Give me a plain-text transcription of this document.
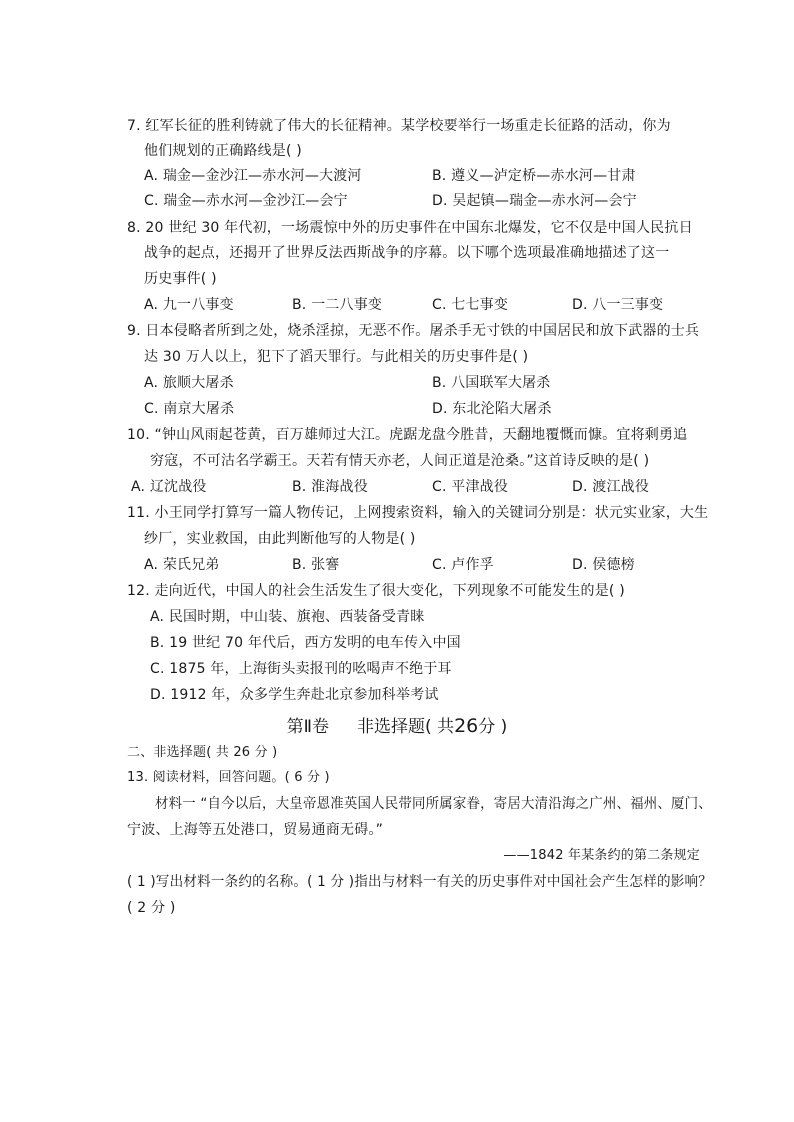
7. 红军长征的胜利铸就了伟大的长征精神。某学校要举行一场重走长征路的活动，你为
他们规划的正确路线是( )
A. 瑞金—金沙江—赤水河—大渡河	B. 遵义—泸定桥—赤水河—甘肃
C. 瑞金—赤水河—金沙江—会宁	D. 吴起镇—瑞金—赤水河—会宁
8. 20 世纪 30 年代初，一场震惊中外的历史事件在中国东北爆发，它不仅是中国人民抗日
战争的起点，还揭开了世界反法西斯战争的序幕。以下哪个选项最准确地描述了这一
历史事件( )
A. 九一八事变	B. 一二八事变	C. 七七事变	D. 八一三事变
9. 日本侵略者所到之处，烧杀淫掠，无恶不作。屠杀手无寸铁的中国居民和放下武器的士兵
达 30 万人以上，犯下了滔天罪行。与此相关的历史事件是( )
A. 旅顺大屠杀	B. 八国联军大屠杀
C. 南京大屠杀	D. 东北沦陷大屠杀
10. “钟山风雨起苍黄，百万雄师过大江。虎踞龙盘今胜昔，天翻地覆慨而慷。宜将剩勇追
穷寇，不可沽名学霸王。天若有情天亦老，人间正道是沧桑。”这首诗反映的是( )
A. 辽沈战役	B. 淮海战役	C. 平津战役	D. 渡江战役
11. 小王同学打算写一篇人物传记，上网搜索资料，输入的关键词分别是：状元实业家，大生
纱厂，实业救国，由此判断他写的人物是( )
A. 荣氏兄弟	B. 张謇	C. 卢作孚	D. 侯德榜
12. 走向近代，中国人的社会生活发生了很大变化，下列现象不可能发生的是( )
A. 民国时期，中山装、旗袍、西装备受青睐
B. 19 世纪 70 年代后，西方发明的电车传入中国
C. 1875 年，上海街头卖报刊的吆喝声不绝于耳
D. 1912 年，众多学生奔赴北京参加科举考试
第Ⅱ卷 非选择题( 共26分 )
二、非选择题( 共 26 分 )
13. 阅读材料，回答问题。( 6 分 )
材料一 “自今以后，大皇帝恩准英国人民带同所属家眷，寄居大清沿海之广州、福州、厦门、
宁波、上海等五处港口，贸易通商无碍。”
——1842 年某条约的第二条规定
( 1 )写出材料一条约的名称。( 1 分 )指出与材料一有关的历史事件对中国社会产生怎样的影响？
( 2 分 )
